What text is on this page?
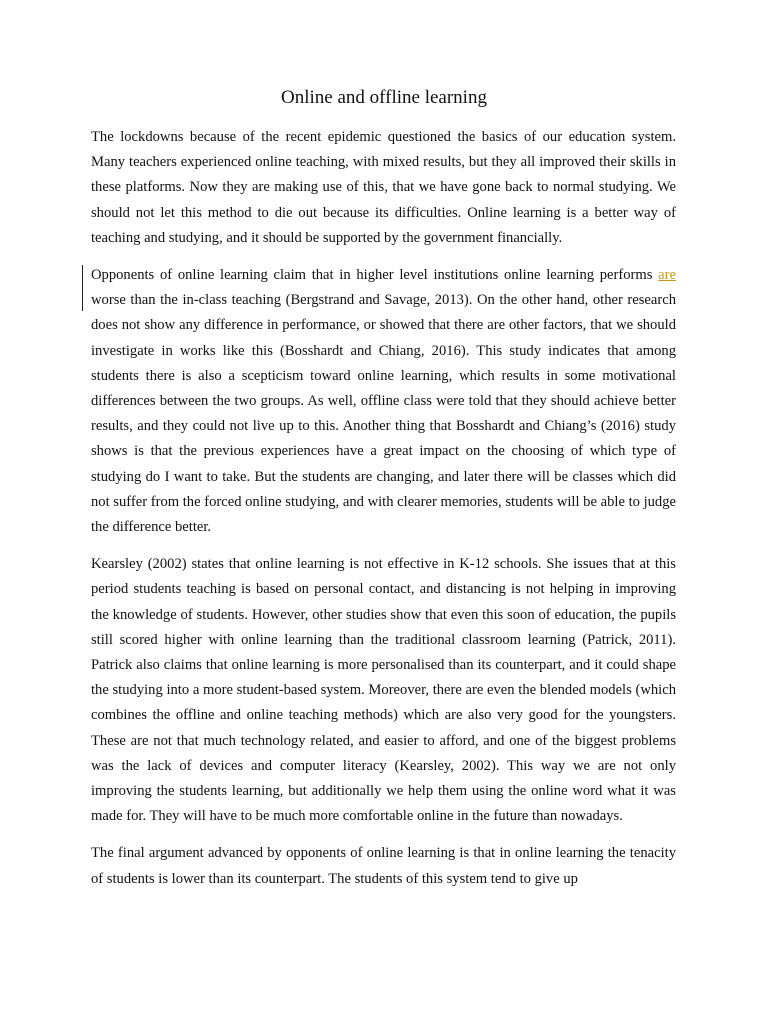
Online and offline learning

The lockdowns because of the recent epidemic questioned the basics of our education system. Many teachers experienced online teaching, with mixed results, but they all improved their skills in these platforms. Now they are making use of this, that we have gone back to normal studying. We should not let this method to die out because its difficulties. Online learning is a better way of teaching and studying, and it should be supported by the government financially.

Opponents of online learning claim that in higher level institutions online learning performs are worse than the in-class teaching (Bergstrand and Savage, 2013). On the other hand, other research does not show any difference in performance, or showed that there are other factors, that we should investigate in works like this (Bosshardt and Chiang, 2016). This study indicates that among students there is also a scepticism toward online learning, which results in some motivational differences between the two groups. As well, offline class were told that they should achieve better results, and they could not live up to this. Another thing that Bosshardt and Chiang’s (2016) study shows is that the previous experiences have a great impact on the choosing of which type of studying do I want to take. But the students are changing, and later there will be classes which did not suffer from the forced online studying, and with clearer memories, students will be able to judge the difference better.

Kearsley (2002) states that online learning is not effective in K-12 schools. She issues that at this period students teaching is based on personal contact, and distancing is not helping in improving the knowledge of students. However, other studies show that even this soon of education, the pupils still scored higher with online learning than the traditional classroom learning (Patrick, 2011). Patrick also claims that online learning is more personalised than its counterpart, and it could shape the studying into a more student-based system. Moreover, there are even the blended models (which combines the offline and online teaching methods) which are also very good for the youngsters. These are not that much technology related, and easier to afford, and one of the biggest problems was the lack of devices and computer literacy (Kearsley, 2002). This way we are not only improving the students learning, but additionally we help them using the online word what it was made for. They will have to be much more comfortable online in the future than nowadays.

The final argument advanced by opponents of online learning is that in online learning the tenacity of students is lower than its counterpart. The students of this system tend to give up
